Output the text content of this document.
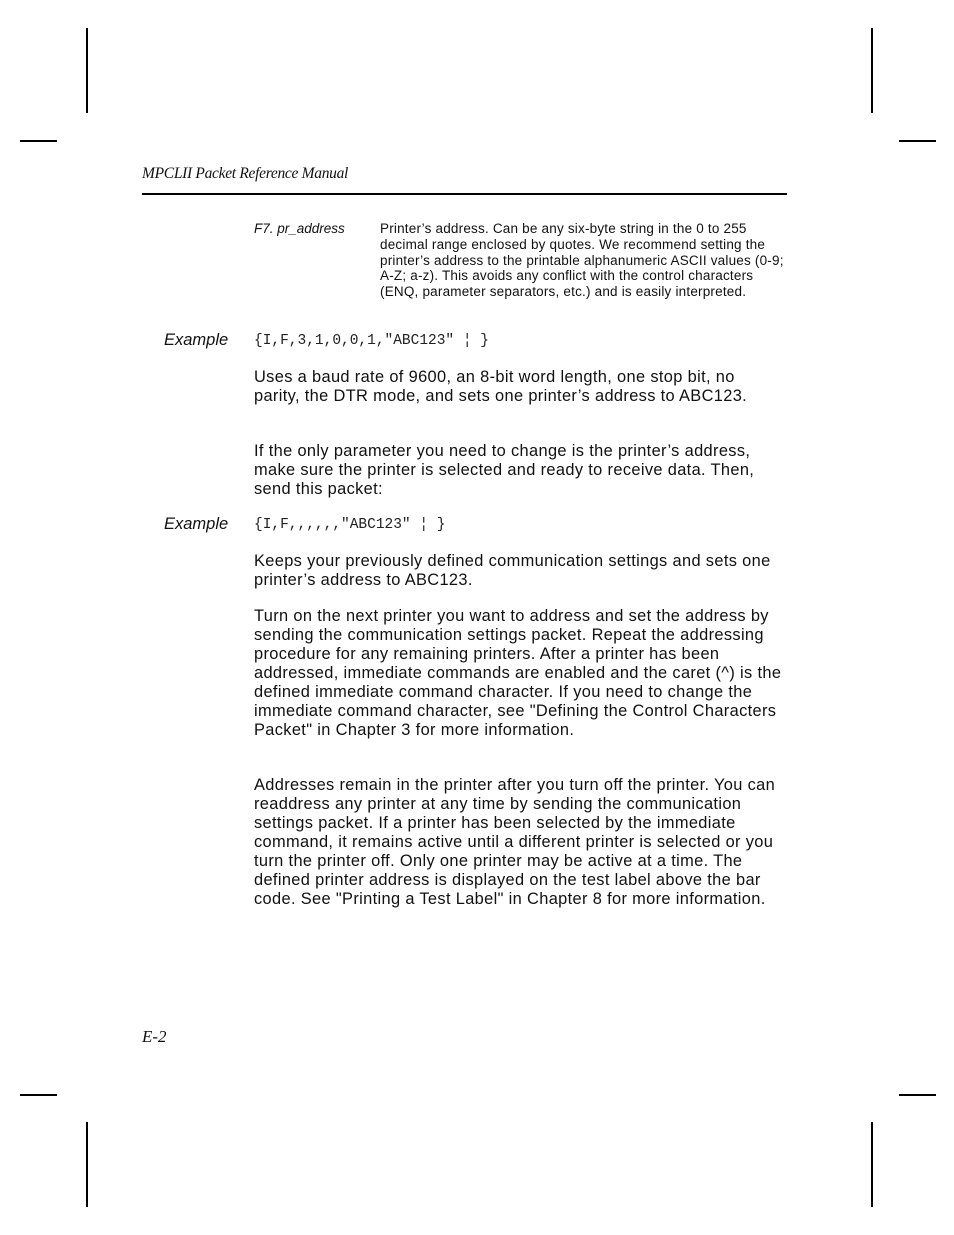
MPCLII Packet Reference Manual
F7. pr_address	Printer’s address. Can be any six-byte string in the 0 to 255 decimal range enclosed by quotes. We recommend setting the printer’s address to the printable alphanumeric ASCII values (0-9; A-Z; a-z). This avoids any conflict with the control characters (ENQ, parameter separators, etc.) and is easily interpreted.
Example {I,F,3,1,0,0,1,"ABC123" ¦ }

Uses a baud rate of 9600, an 8-bit word length, one stop bit, no parity, the DTR mode, and sets one printer’s address to ABC123.

If the only parameter you need to change is the printer’s address, make sure the printer is selected and ready to receive data. Then, send this packet:

Example {I,F,,,,,,"ABC123" ¦ }

Keeps your previously defined communication settings and sets one printer’s address to ABC123.

Turn on the next printer you want to address and set the address by sending the communication settings packet. Repeat the addressing procedure for any remaining printers. After a printer has been addressed, immediate commands are enabled and the caret (^) is the defined immediate command character. If you need to change the immediate command character, see "Defining the Control Characters Packet" in Chapter 3 for more information.

Addresses remain in the printer after you turn off the printer. You can readdress any printer at any time by sending the communication settings packet. If a printer has been selected by the immediate command, it remains active until a different printer is selected or you turn the printer off. Only one printer may be active at a time. The defined printer address is displayed on the test label above the bar code. See "Printing a Test Label" in Chapter 8 for more information.

E-2
